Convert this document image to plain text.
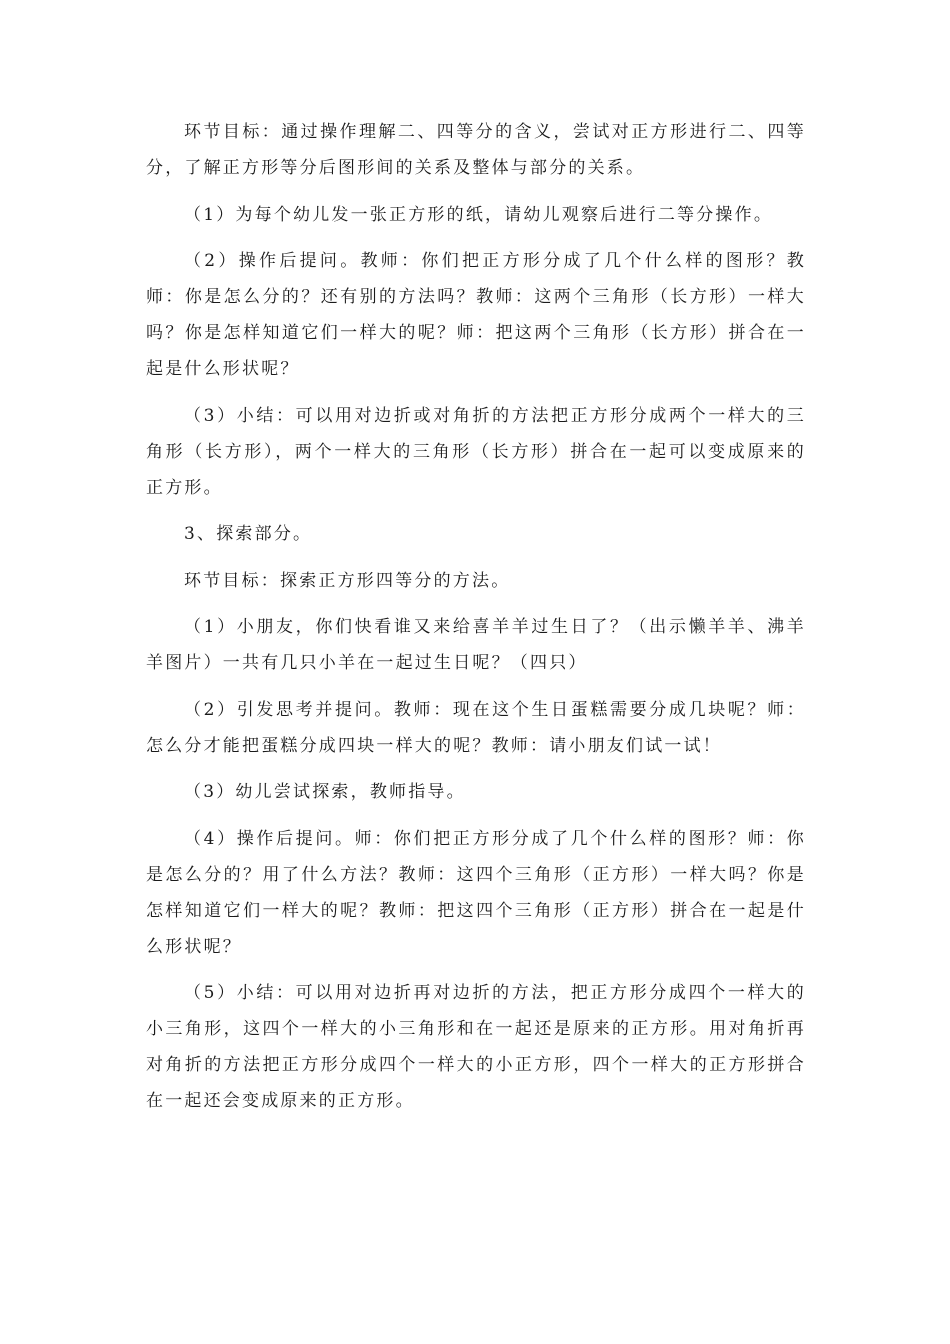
环节目标：通过操作理解二、四等分的含义，尝试对正方形进行二、四等分，了解正方形等分后图形间的关系及整体与部分的关系。

（1）为每个幼儿发一张正方形的纸，请幼儿观察后进行二等分操作。

（2）操作后提问。教师：你们把正方形分成了几个什么样的图形？教师：你是怎么分的？还有别的方法吗？教师：这两个三角形（长方形）一样大吗？你是怎样知道它们一样大的呢？师：把这两个三角形（长方形）拼合在一起是什么形状呢？

（3）小结：可以用对边折或对角折的方法把正方形分成两个一样大的三角形（长方形），两个一样大的三角形（长方形）拼合在一起可以变成原来的正方形。

3、探索部分。

环节目标：探索正方形四等分的方法。

（1）小朋友，你们快看谁又来给喜羊羊过生日了？（出示懒羊羊、沸羊羊图片）一共有几只小羊在一起过生日呢？（四只）

（2）引发思考并提问。教师：现在这个生日蛋糕需要分成几块呢？师：怎么分才能把蛋糕分成四块一样大的呢？教师：请小朋友们试一试！

（3）幼儿尝试探索，教师指导。

（4）操作后提问。师：你们把正方形分成了几个什么样的图形？师：你是怎么分的？用了什么方法？教师：这四个三角形（正方形）一样大吗？你是怎样知道它们一样大的呢？教师：把这四个三角形（正方形）拼合在一起是什么形状呢？

（5）小结：可以用对边折再对边折的方法，把正方形分成四个一样大的小三角形，这四个一样大的小三角形和在一起还是原来的正方形。用对角折再对角折的方法把正方形分成四个一样大的小正方形，四个一样大的正方形拼合在一起还会变成原来的正方形。
